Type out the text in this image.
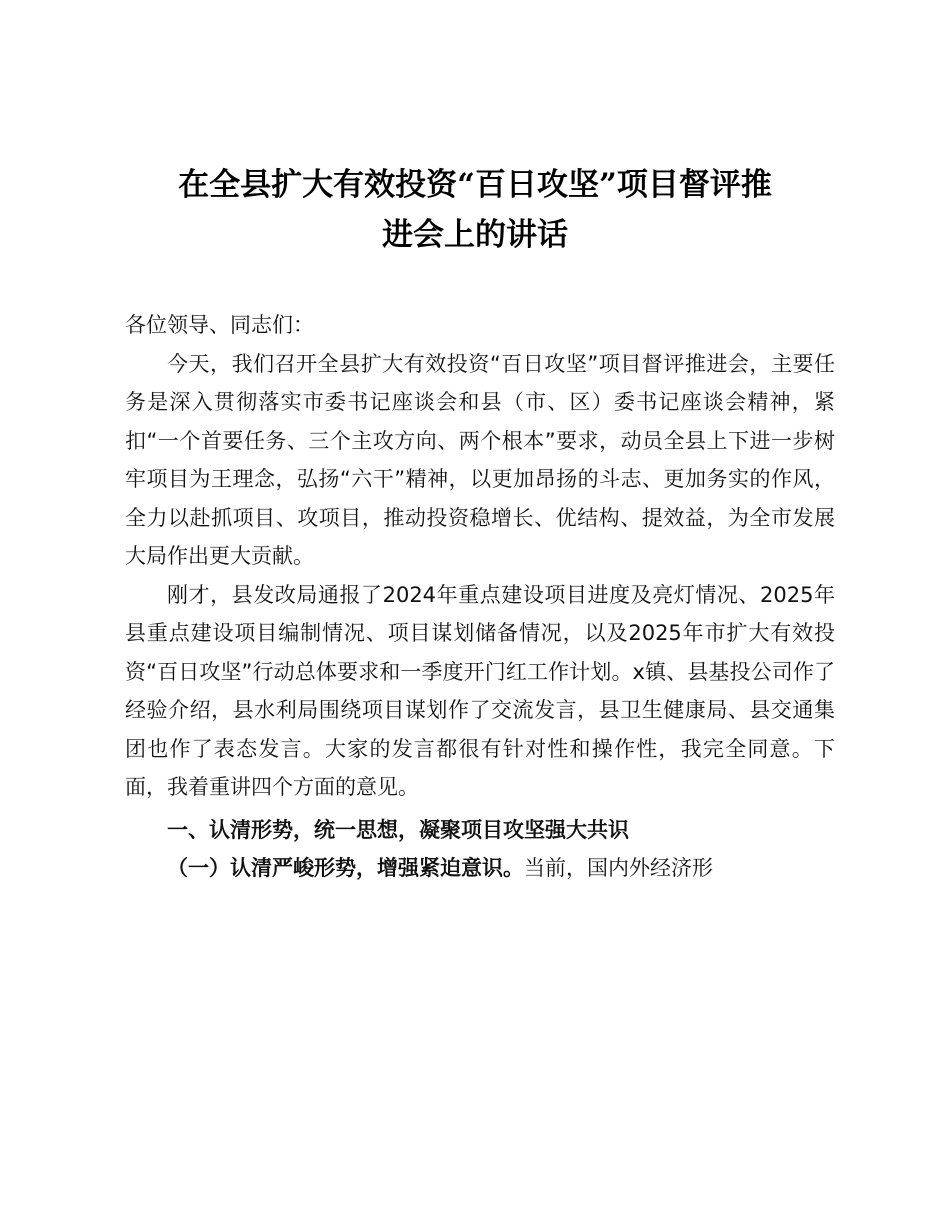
在全县扩大有效投资“百日攻坚”项目督评推
进会上的讲话

各位领导、同志们：

今天，我们召开全县扩大有效投资“百日攻坚”项目督评推进会，主要任务是深入贯彻落实市委书记座谈会和县（市、区）委书记座谈会精神，紧扣“一个首要任务、三个主攻方向、两个根本”要求，动员全县上下进一步树牢项目为王理念，弘扬“六干”精神，以更加昂扬的斗志、更加务实的作风，全力以赴抓项目、攻项目，推动投资稳增长、优结构、提效益，为全市发展大局作出更大贡献。

刚才，县发改局通报了2024年重点建设项目进度及亮灯情况、2025年县重点建设项目编制情况、项目谋划储备情况，以及2025年市扩大有效投资“百日攻坚”行动总体要求和一季度开门红工作计划。x镇、县基投公司作了经验介绍，县水利局围绕项目谋划作了交流发言，县卫生健康局、县交通集团也作了表态发言。大家的发言都很有针对性和操作性，我完全同意。下面，我着重讲四个方面的意见。

一、认清形势，统一思想，凝聚项目攻坚强大共识

（一）认清严峻形势，增强紧迫意识。当前，国内外经济形
